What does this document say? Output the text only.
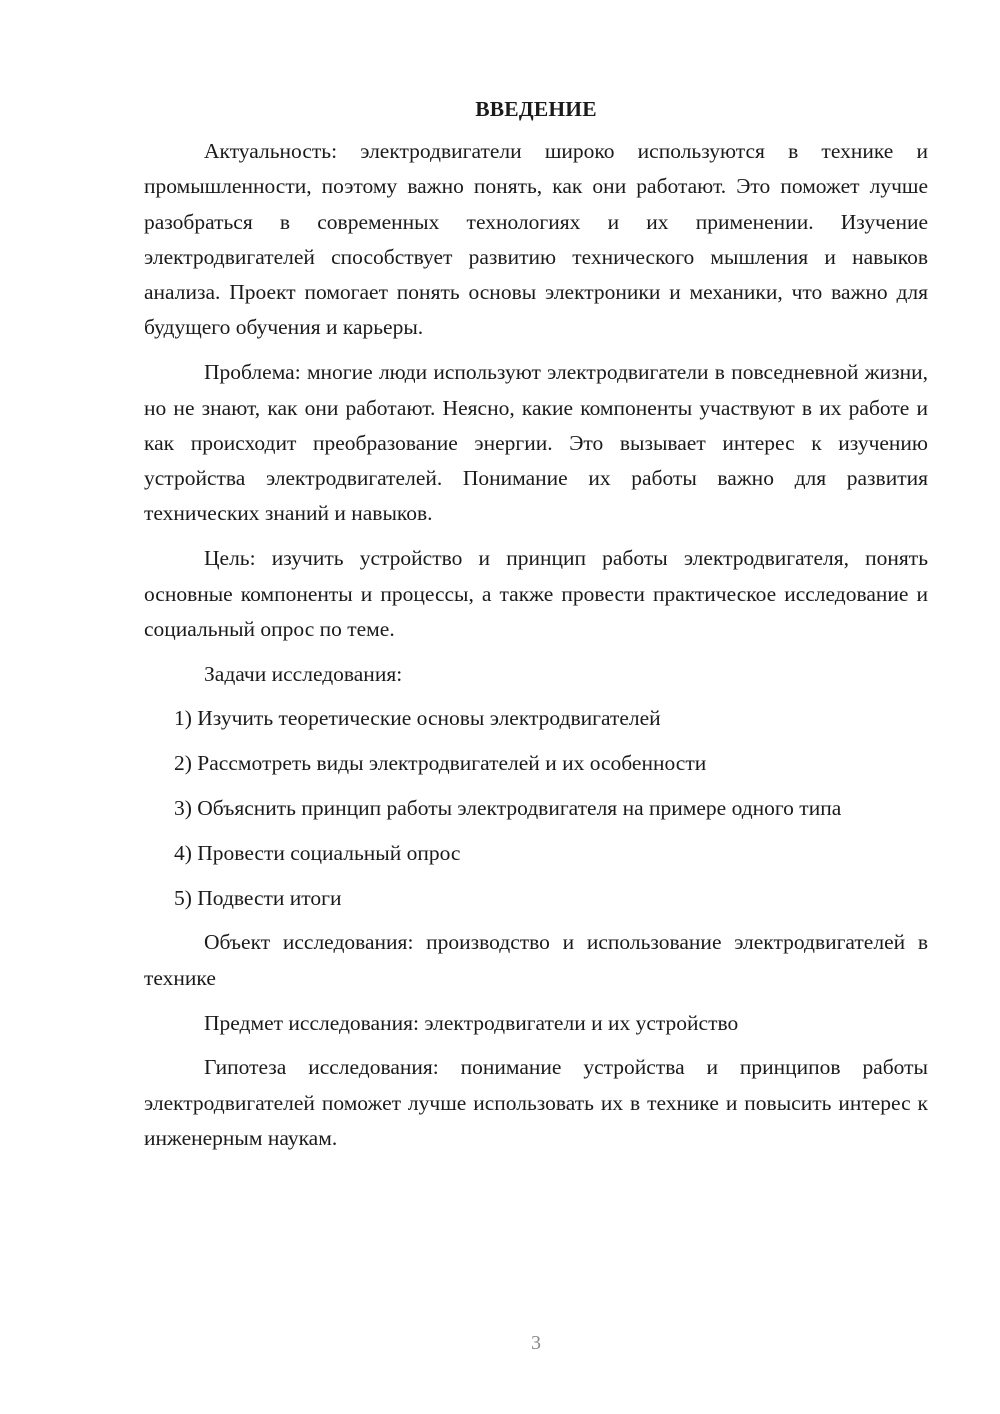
ВВЕДЕНИЕ

Актуальность: электродвигатели широко используются в технике и промышленности, поэтому важно понять, как они работают. Это поможет лучше разобраться в современных технологиях и их применении. Изучение электродвигателей способствует развитию технического мышления и навыков анализа. Проект помогает понять основы электроники и механики, что важно для будущего обучения и карьеры.

Проблема: многие люди используют электродвигатели в повседневной жизни, но не знают, как они работают. Неясно, какие компоненты участвуют в их работе и как происходит преобразование энергии. Это вызывает интерес к изучению устройства электродвигателей. Понимание их работы важно для развития технических знаний и навыков.

Цель: изучить устройство и принцип работы электродвигателя, понять основные компоненты и процессы, а также провести практическое исследование и социальный опрос по теме.

Задачи исследования:

1) Изучить теоретические основы электродвигателей

2) Рассмотреть виды электродвигателей и их особенности

3) Объяснить принцип работы электродвигателя на примере одного типа

4) Провести социальный опрос

5) Подвести итоги

Объект исследования: производство и использование электродвигателей в технике

Предмет исследования: электродвигатели и их устройство

Гипотеза исследования: понимание устройства и принципов работы электродвигателей поможет лучше использовать их в технике и повысить интерес к инженерным наукам.

3
